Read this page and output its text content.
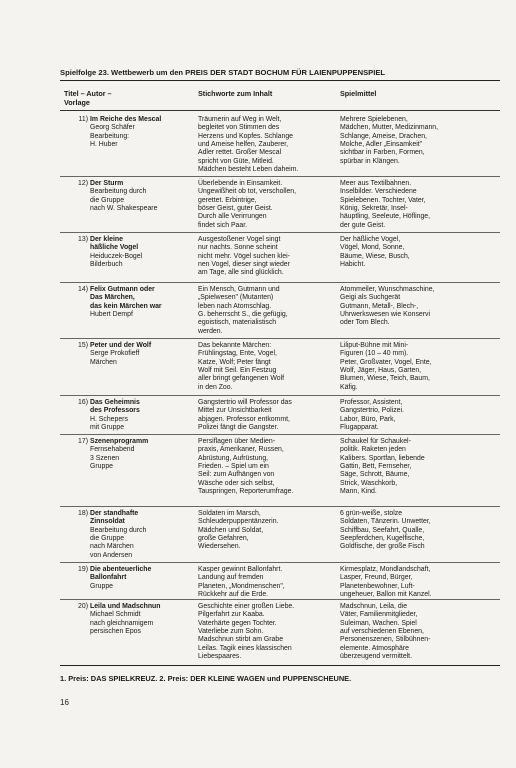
Spielfolge 23. Wettbewerb um den PREIS DER STADT BOCHUM FÜR LAIENPUPPENSPIEL
Titel – Autor –
Vorlage
Stichworte zum Inhalt	Spielmittel
11) Im Reiche des Mescal
Georg Schäfer
Bearbeitung:
H. Huber
Träumerin auf Weg in Welt,
begleitet von Stimmen des
Herzens und Kopfes. Schlange
und Ameise helfen, Zauberer,
Adler rettet. Großer Mescal
spricht von Güte, Mitleid.
Mädchen besteht Leben daheim.
Mehrere Spielebenen,
Mädchen, Mutter, Medizinmann,
Schlange, Ameise, Drachen,
Molche, Adler „Einsamkeit"
sichtbar in Farben, Formen,
spürbar in Klängen.
12) Der Sturm
Bearbeitung durch
die Gruppe
nach W. Shakespeare
Überlebende in Einsamkeit.
Ungewißheit ob tot, verschollen,
gerettet. Erbintrige,
böser Geist, guter Geist.
Durch alle Verirrungen
findet sich Paar.
Meer aus Textilbahnen.
Inselbilder. Verschiedene
Spielebenen. Tochter, Vater,
König, Sekretär, Insel-
häuptling, Seeleute, Höflinge,
der gute Geist.
13) Der kleine
häßliche Vogel
Heiduczek-Bogel
Bilderbuch
Ausgestoßener Vogel singt
nur nachts. Sonne scheint
nicht mehr. Vögel suchen klei-
nen Vogel, dieser singt wieder
am Tage, alle sind glücklich.
Der häßliche Vogel,
Vögel, Mond, Sonne,
Bäume, Wiese, Busch,
Habicht.
14) Felix Gutmann oder
Das Märchen,
das kein Märchen war
Hubert Dempf
Ein Mensch, Gutmann und
„Spielwesen" (Mutanten)
leben nach Atomschlag.
G. beherrscht S., die gefügig,
egoistisch, materialistisch
werden.
Atommeiler, Wunschmaschine,
Geigi als Suchgerät
Gutmann, Metall-, Blech-,
Uhrwerkswesen wie Konservi
oder Tom Blech.
15) Peter und der Wolf
Serge Prokofieff
Märchen
Das bekannte Märchen:
Frühlingstag, Ente, Vogel,
Katze, Wolf; Peter fängt
Wolf mit Seil. Ein Festzug
aller bringt gefangenen Wolf
in den Zoo.
Liliput-Bühne mit Mini-
Figuren (10 – 40 mm).
Peter, Großvater, Vogel, Ente,
Wolf, Jäger, Haus, Garten,
Blumen, Wiese, Teich, Baum,
Käfig.
16) Das Geheimnis
des Professors
H. Schepers
mit Gruppe
Gangstertrio will Professor das
Mittel zur Unsichtbarkeit
abjagen. Professor entkommt,
Polizei fängt die Gangster.
Professor, Assistent,
Gangstertrio, Polizei.
Labor, Büro, Park,
Flugapparat.
17) Szenenprogramm
Fernsehabend
3 Szenen
Gruppe
Persiflagen über Medien-
praxis, Amerikaner, Russen,
Abrüstung, Aufrüstung,
Frieden. – Spiel um ein
Seil: zum Aufhängen von
Wäsche oder sich selbst,
Tauspringen, Reporterumfrage.
Schaukel für Schaukel-
politik. Raketen jeden
Kalibers. Sportfan, liebende
Gattin, Bett, Fernseher,
Säge, Schrott, Bäume,
Strick, Waschkorb,
Mann, Kind.
18) Der standhafte
Zinnsoldat
Bearbeitung durch
die Gruppe
nach Märchen
von Andersen
Soldaten im Marsch,
Schleuderpuppentänzerin.
Mädchen und Soldat,
große Gefahren,
Wiedersehen.
6 grün-weiße, stolze
Soldaten, Tänzerin. Unwetter,
Schiffbau, Seefahrt, Qualle,
Seepferdchen, Kugelfische,
Goldfische, der große Fisch
19) Die abenteuerliche
Ballonfahrt
Gruppe
Kasper gewinnt Ballonfahrt.
Landung auf fremden
Planeten, „Mondmenschen",
Rückkehr auf die Erde.
Kirmesplatz, Mondlandschaft,
Lasper, Freund, Bürger,
Planetenbewohner, Luft-
ungeheuer, Ballon mit Kanzel.
20) Leila und Madschnun
Michael Schmidt
nach gleichnamigem
persischen Epos
Geschichte einer großen Liebe.
Pilgerfahrt zur Kaaba.
Vaterhärte gegen Tochter.
Vaterliebe zum Sohn.
Madschnun stirbt am Grabe
Leilas. Tagik eines klassischen
Liebespaares.
Madschnun, Leila, die
Väter, Familienmitglieder,
Suleiman, Wachen. Spiel
auf verschiedenen Ebenen,
Personenszenen, Stilbühnen-
elemente. Atmosphäre
überzeugend vermittelt.
1. Preis: DAS SPIELKREUZ. 2. Preis: DER KLEINE WAGEN und PUPPENSCHEUNE.
16
